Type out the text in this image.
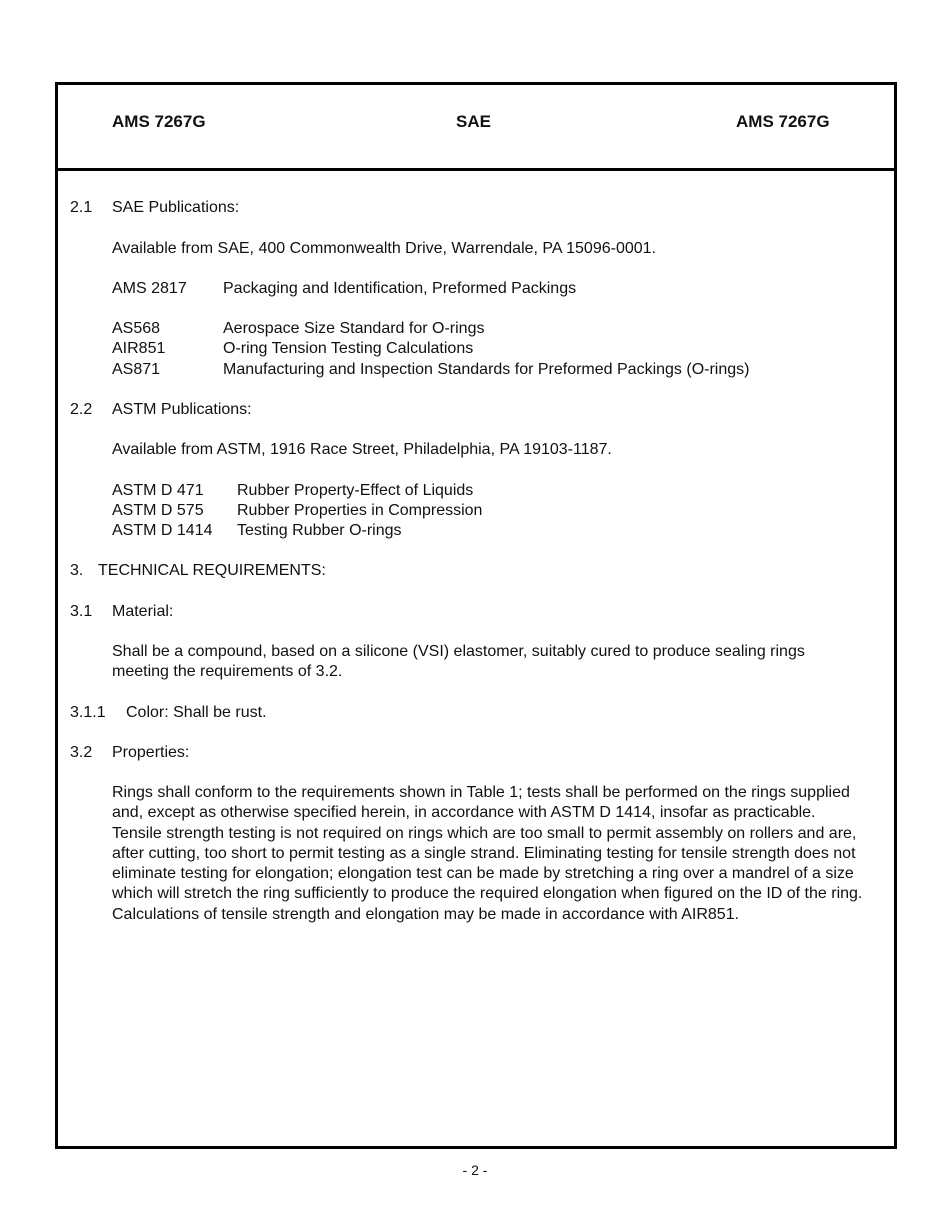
AMS 7267G	SAE	AMS 7267G
2.1 SAE Publications:
Available from SAE, 400 Commonwealth Drive, Warrendale, PA 15096-0001.
AMS 2817 Packaging and Identification, Preformed Packings
AS568	Aerospace Size Standard for O-rings
AIR851	O-ring Tension Testing Calculations
AS871	Manufacturing and Inspection Standards for Preformed Packings (O-rings)
2.2 ASTM Publications:
Available from ASTM, 1916 Race Street, Philadelphia, PA 19103-1187.
ASTM D 471 Rubber Property-Effect of Liquids
ASTM D 575 Rubber Properties in Compression
ASTM D 1414 Testing Rubber O-rings
3. TECHNICAL REQUIREMENTS:
3.1 Material:
Shall be a compound, based on a silicone (VSI) elastomer, suitably cured to produce sealing rings meeting the requirements of 3.2.
3.1.1 Color: Shall be rust.
3.2 Properties:
Rings shall conform to the requirements shown in Table 1; tests shall be performed on the rings supplied and, except as otherwise specified herein, in accordance with ASTM D 1414, insofar as practicable. Tensile strength testing is not required on rings which are too small to permit assembly on rollers and are, after cutting, too short to permit testing as a single strand. Eliminating testing for tensile strength does not eliminate testing for elongation; elongation test can be made by stretching a ring over a mandrel of a size which will stretch the ring sufficiently to produce the required elongation when figured on the ID of the ring. Calculations of tensile strength and elongation may be made in accordance with AIR851.
- 2 -
